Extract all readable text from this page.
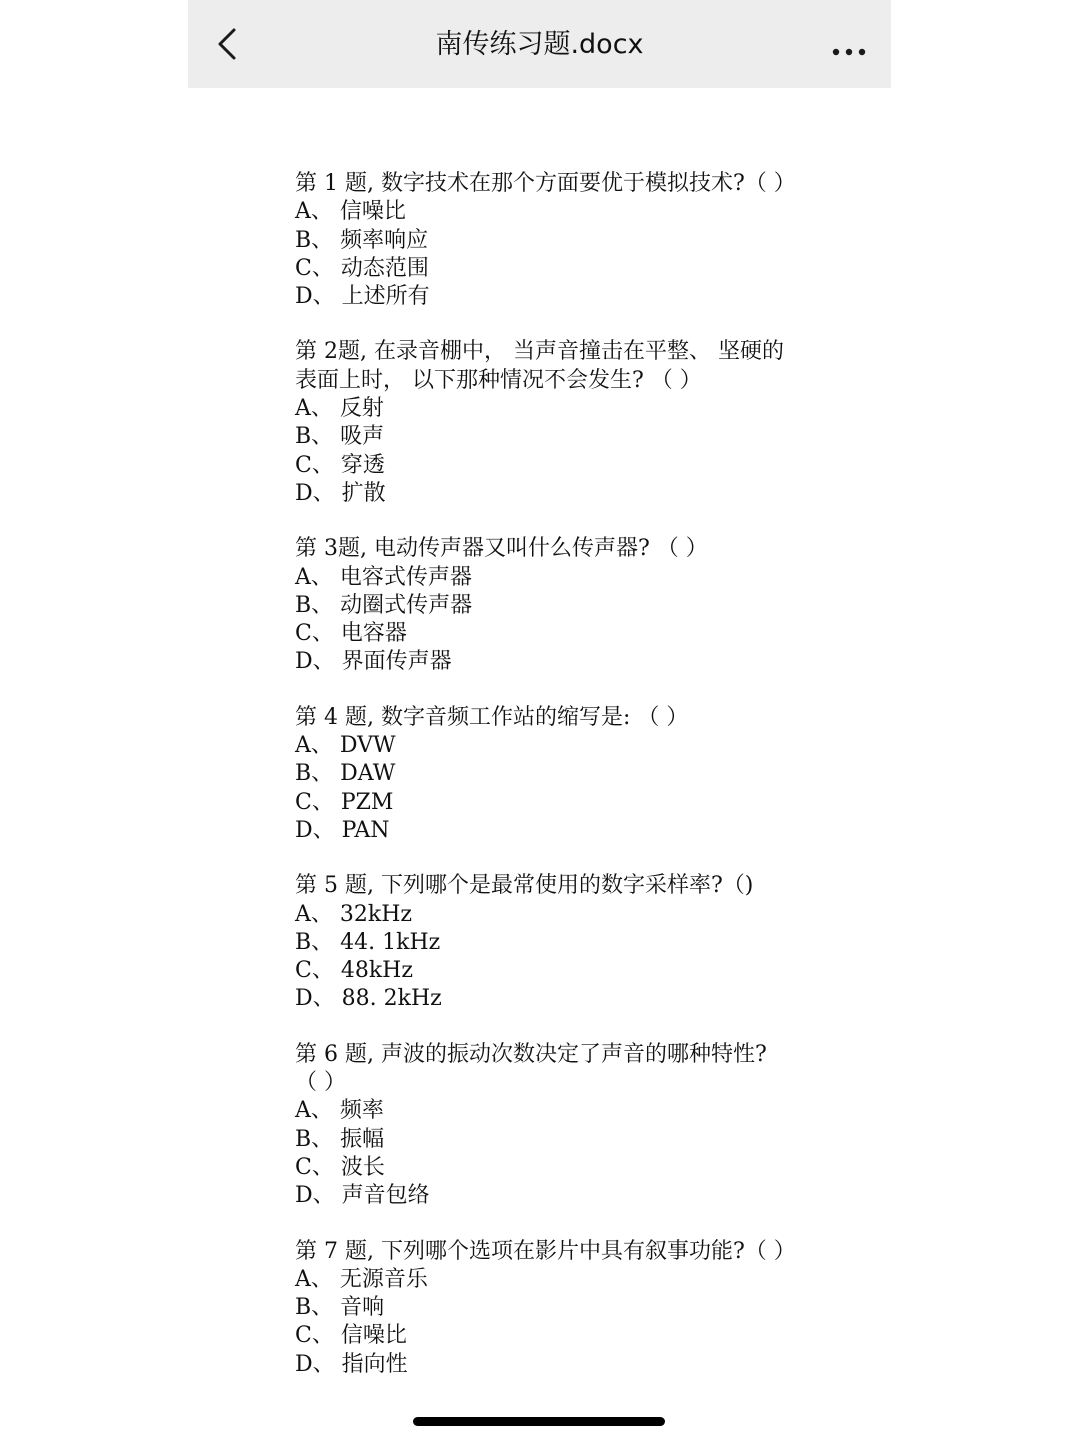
南传练习题.docx
第 1 题, 数字技术在那个方面要优于模拟技术?（ ）
A、 信噪比
B、 频率响应
C、 动态范围
D、 上述所有
第 2题, 在录音棚中， 当声音撞击在平整、 坚硬的表面上时， 以下那种情况不会发生? （ ）
A、 反射
B、 吸声
C、 穿透
D、 扩散
第 3题, 电动传声器又叫什么传声器? （ ）
A、 电容式传声器
B、 动圈式传声器
C、 电容器
D、 界面传声器
第 4 题, 数字音频工作站的缩写是: （ ）
A、 DVW
B、 DAW
C、 PZM
D、 PAN
第 5 题, 下列哪个是最常使用的数字采样率?（)
A、 32kHz
B、 44. 1kHz
C、 48kHz
D、 88. 2kHz
第 6 题, 声波的振动次数决定了声音的哪种特性? （ ）
A、 频率
B、 振幅
C、 波长
D、 声音包络
第 7 题, 下列哪个选项在影片中具有叙事功能?（ ）
A、 无源音乐
B、 音响
C、 信噪比
D、 指向性
